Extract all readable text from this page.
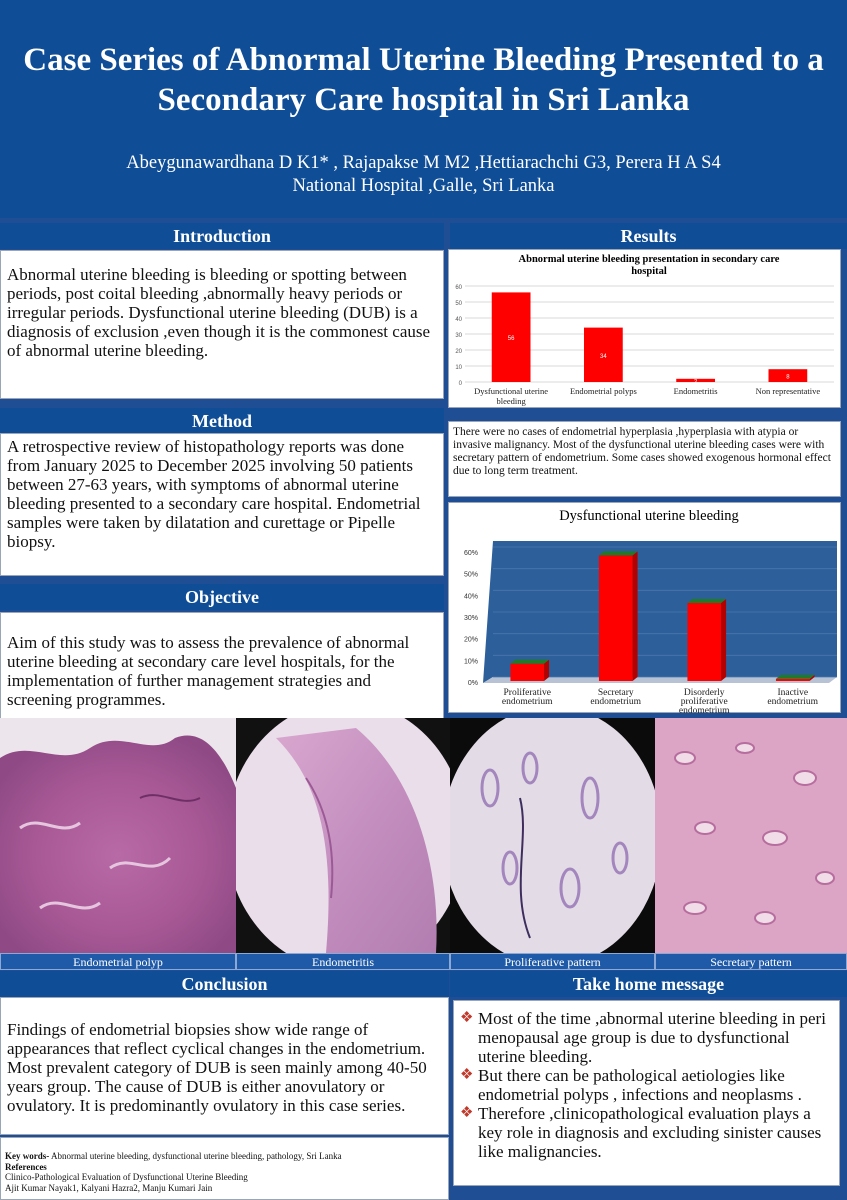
Case Series of Abnormal Uterine Bleeding Presented to a Secondary Care hospital in Sri Lanka
Abeygunawardhana D K1* , Rajapakse M M2 ,Hettiarachchi G3, Perera H A S4
National Hospital ,Galle, Sri Lanka
Introduction
Abnormal uterine bleeding is bleeding or spotting between periods, post coital bleeding ,abnormally heavy periods or irregular periods. Dysfunctional uterine bleeding (DUB) is a diagnosis of exclusion ,even though it is the commonest cause of abnormal uterine bleeding.
Method
A retrospective review of histopathology reports was done from January 2025 to December 2025 involving 50 patients between 27-63 years, with symptoms of abnormal uterine bleeding presented to a secondary care hospital. Endometrial samples were taken by dilatation and curettage or Pipelle biopsy.
Objective
Aim of this study was to assess the prevalence of abnormal uterine bleeding at secondary care level hospitals, for the implementation of further management strategies and screening programmes.
Results
Abnormal uterine bleeding presentation in secondary care
hospital
0
10
20
30
40
50
60
56
Dysfunctional uterine
bleeding
34
Endometrial polyps
2
Endometritis
8
Non representative
There were no cases of endometrial hyperplasia ,hyperplasia with atypia or invasive malignancy. Most of the dysfunctional uterine bleeding cases were with secretary pattern of endometrium. Some cases showed exogenous hormonal effect due to long term treatment.
Dysfunctional uterine bleeding
0%
10%
20%
30%
40%
50%
60%
Proliferative
endometrium
Secretary
endometrium
Disorderly
proliferative
endometrium
Inactive
endometrium
Endometrial polyp	Endometritis	Proliferative pattern	Secretary pattern
Conclusion
Findings of endometrial biopsies show wide range of appearances that reflect cyclical changes in the endometrium. Most prevalent category of DUB is seen mainly among 40-50 years group. The cause of DUB is either anovulatory or ovulatory. It is predominantly ovulatory in this case series.
Key words- Abnormal uterine bleeding, dysfunctional uterine bleeding, pathology, Sri Lanka
References
Clinico-Pathological Evaluation of Dysfunctional Uterine Bleeding
Ajit Kumar Nayak1, Kalyani Hazra2, Manju Kumari Jain
Take home message
❖ Most of the time ,abnormal uterine bleeding in peri menopausal age group is due to dysfunctional uterine bleeding.
❖ But there can be pathological aetiologies like endometrial polyps , infections and neoplasms .
❖ Therefore ,clinicopathological evaluation plays a key role in diagnosis and excluding sinister causes like malignancies.
